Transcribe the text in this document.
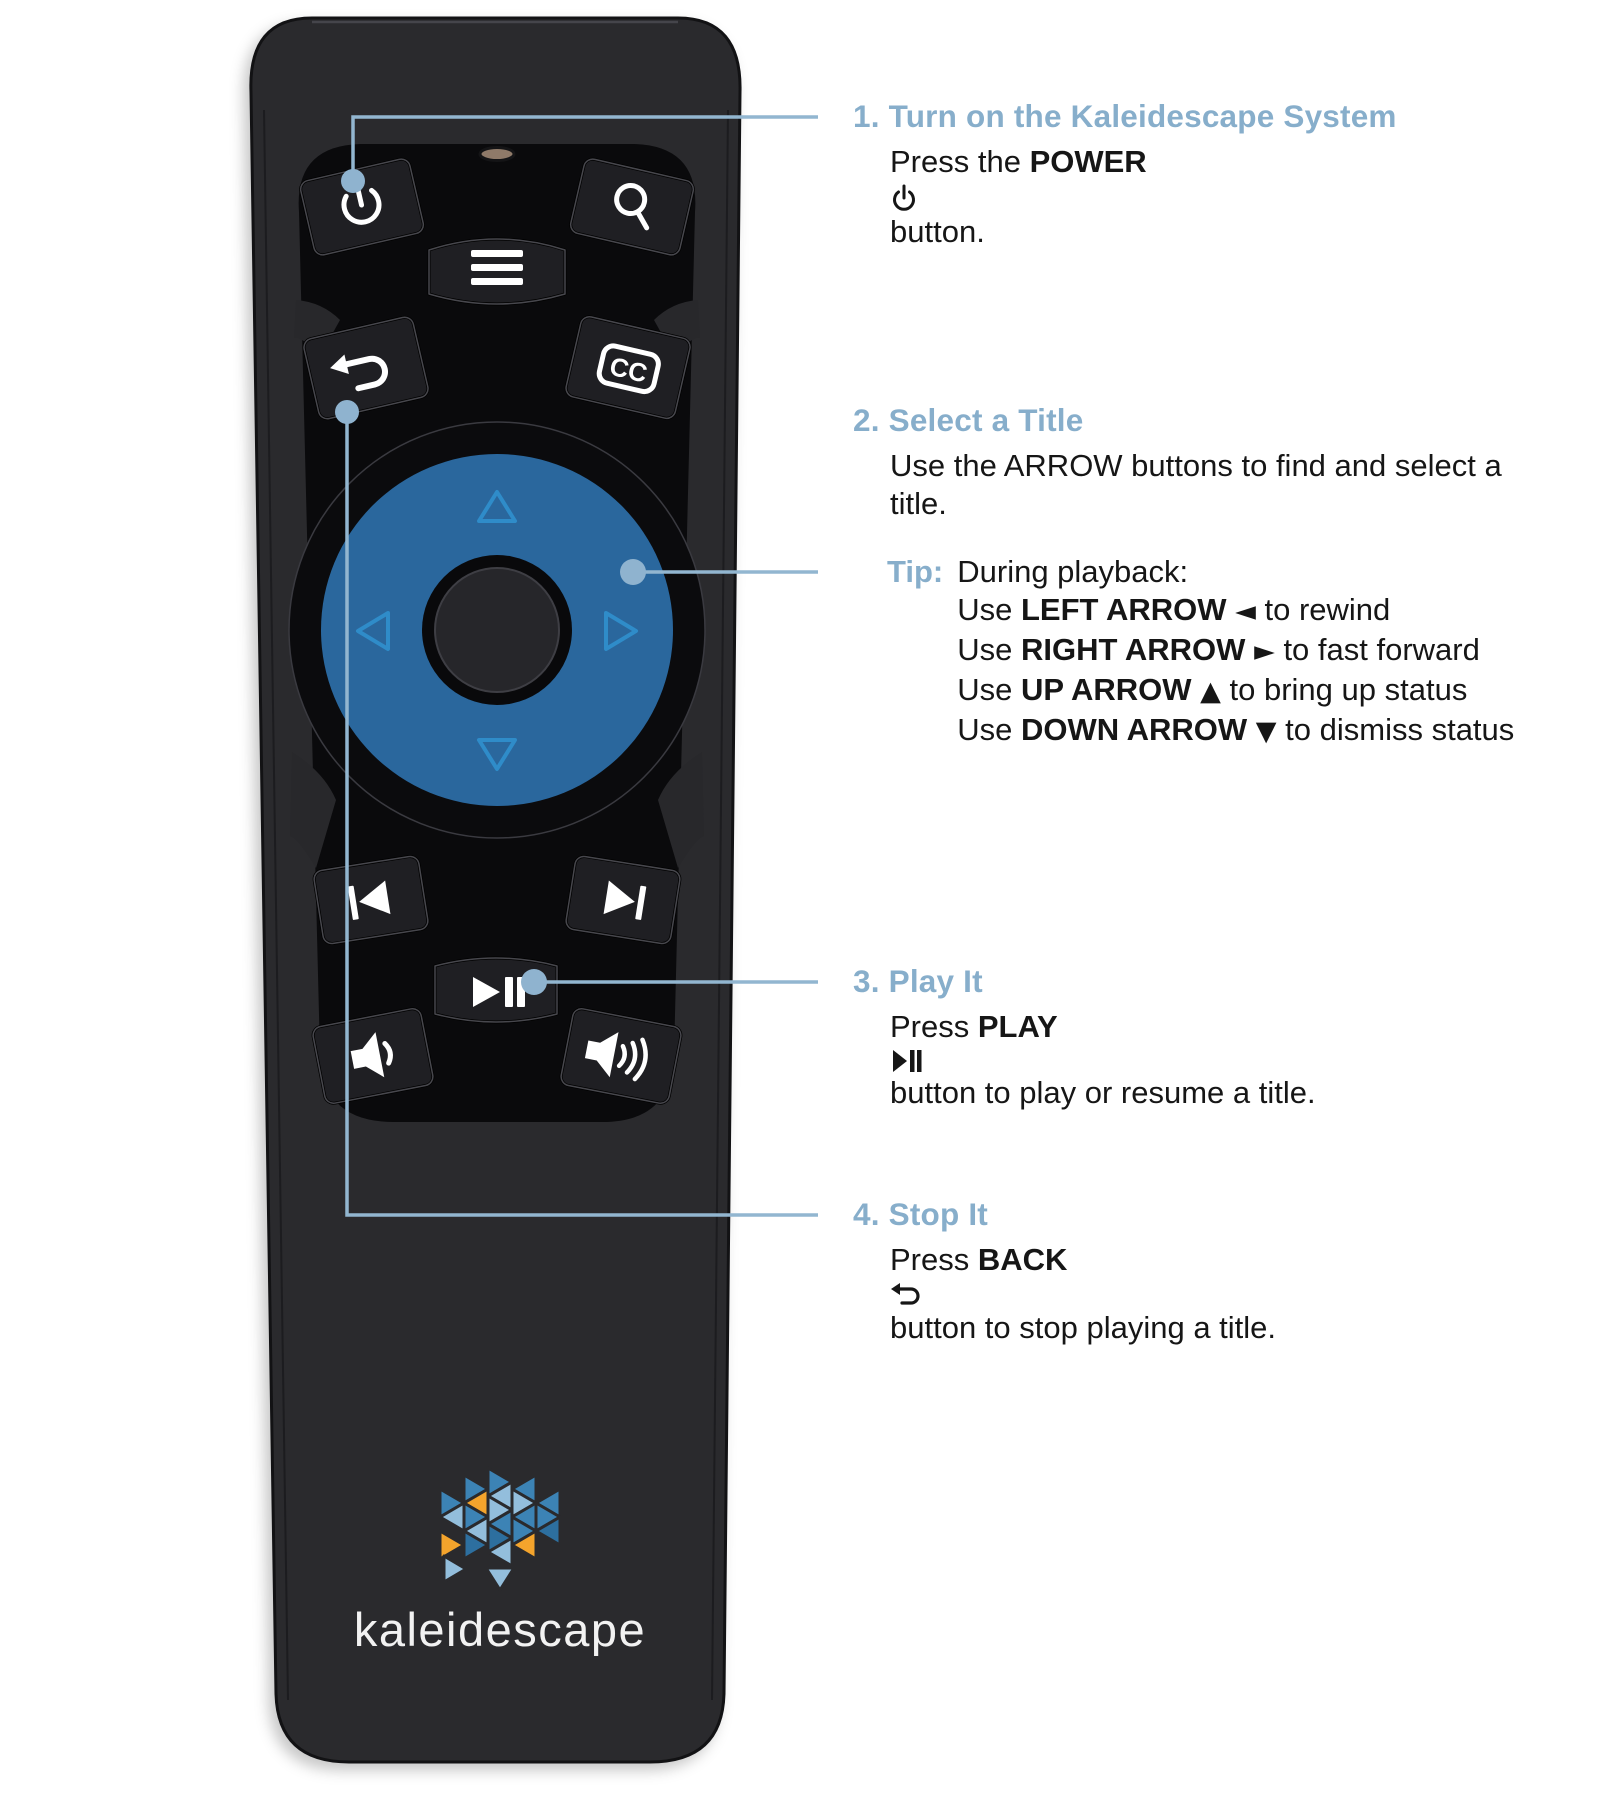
CC
kaleidescape
1. Turn on the Kaleidescape System
Press the POWER
button.
2. Select a Title
Use the ARROW buttons to find and select a title.
Tip: During playback:
Use LEFT ARROW ◄ to rewind
Use RIGHT ARROW ► to fast forward
Use UP ARROW ▲ to bring up status
Use DOWN ARROW ▼ to dismiss status
3. Play It
Press PLAY
button to play or resume a title.
4. Stop It
Press BACK
button to stop playing a title.
